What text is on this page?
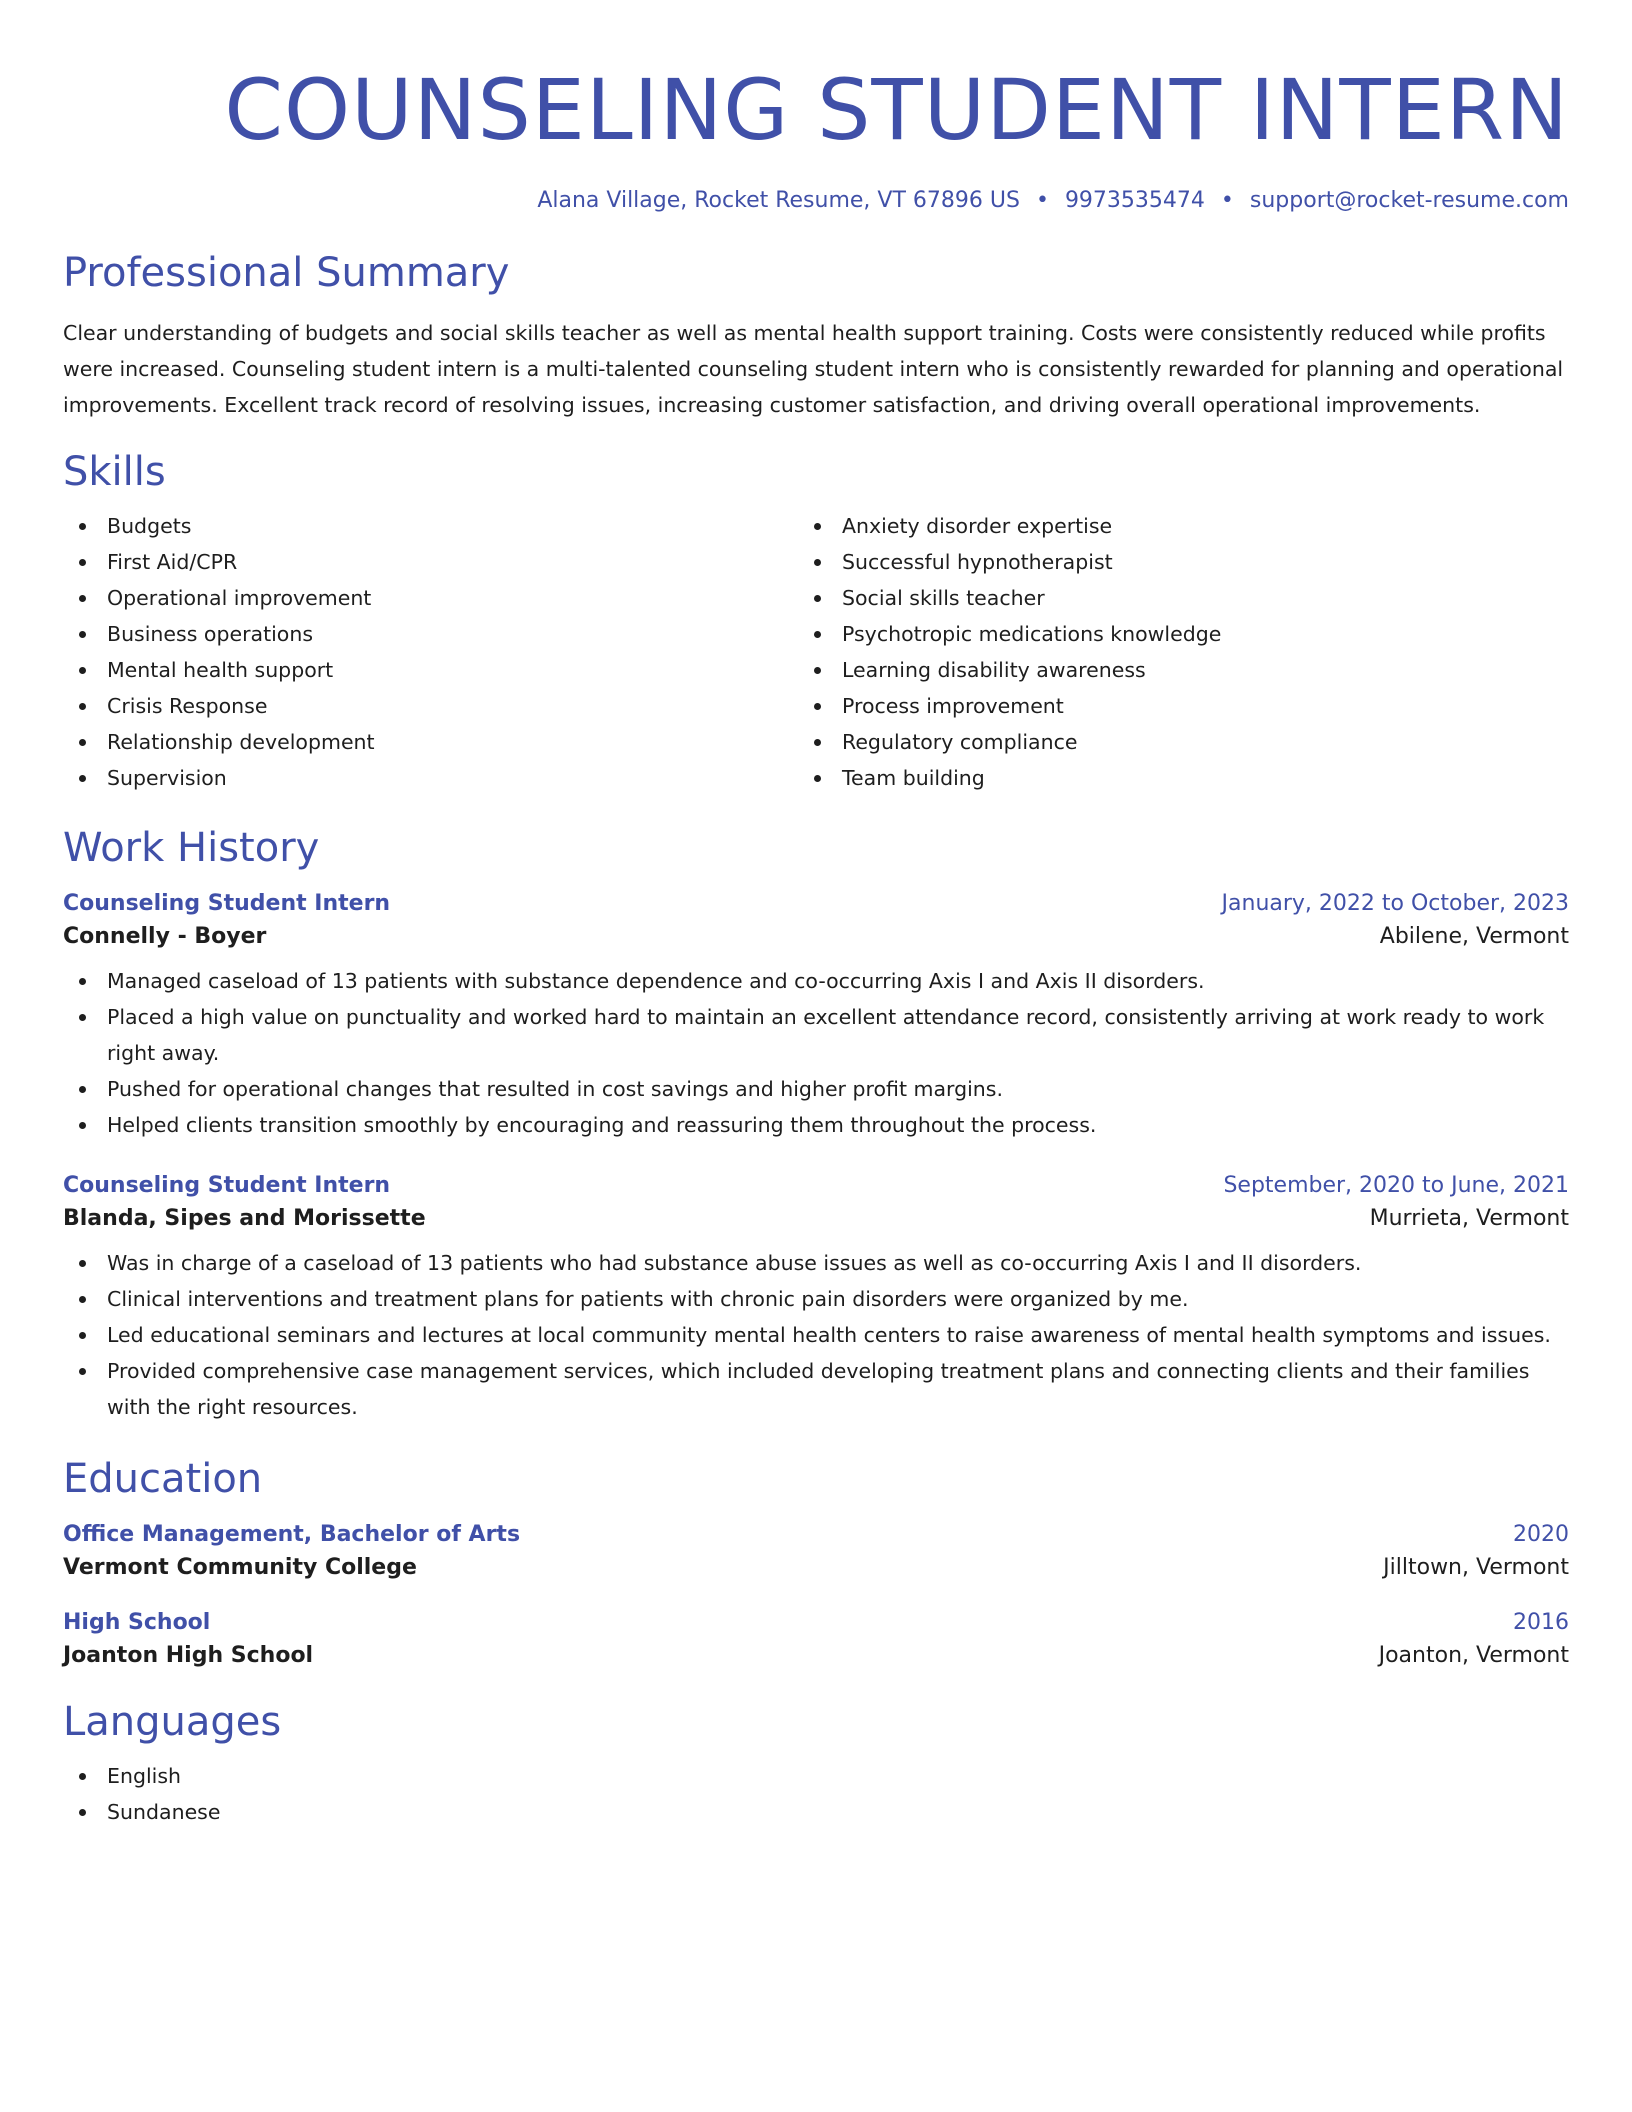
COUNSELING STUDENT INTERN
Alana Village, Rocket Resume, VT 67896 US • 9973535474 • support@rocket-resume.com
Professional Summary
Clear understanding of budgets and social skills teacher as well as mental health support training. Costs were consistently reduced while profits were increased. Counseling student intern is a multi-talented counseling student intern who is consistently rewarded for planning and operational improvements. Excellent track record of resolving issues, increasing customer satisfaction, and driving overall operational improvements.
Skills
Budgets
First Aid/CPR
Operational improvement
Business operations
Mental health support
Crisis Response
Relationship development
Supervision
Anxiety disorder expertise
Successful hypnotherapist
Social skills teacher
Psychotropic medications knowledge
Learning disability awareness
Process improvement
Regulatory compliance
Team building
Work History
Counseling Student Intern	January, 2022 to October, 2023
Connelly - Boyer	Abilene, Vermont
Managed caseload of 13 patients with substance dependence and co-occurring Axis I and Axis II disorders.
Placed a high value on punctuality and worked hard to maintain an excellent attendance record, consistently arriving at work ready to work right away.
Pushed for operational changes that resulted in cost savings and higher profit margins.
Helped clients transition smoothly by encouraging and reassuring them throughout the process.
Counseling Student Intern	September, 2020 to June, 2021
Blanda, Sipes and Morissette	Murrieta, Vermont
Was in charge of a caseload of 13 patients who had substance abuse issues as well as co-occurring Axis I and II disorders.
Clinical interventions and treatment plans for patients with chronic pain disorders were organized by me.
Led educational seminars and lectures at local community mental health centers to raise awareness of mental health symptoms and issues.
Provided comprehensive case management services, which included developing treatment plans and connecting clients and their families with the right resources.
Education
Office Management, Bachelor of Arts	2020
Vermont Community College	Jilltown, Vermont
High School	2016
Joanton High School	Joanton, Vermont
Languages
English
Sundanese
